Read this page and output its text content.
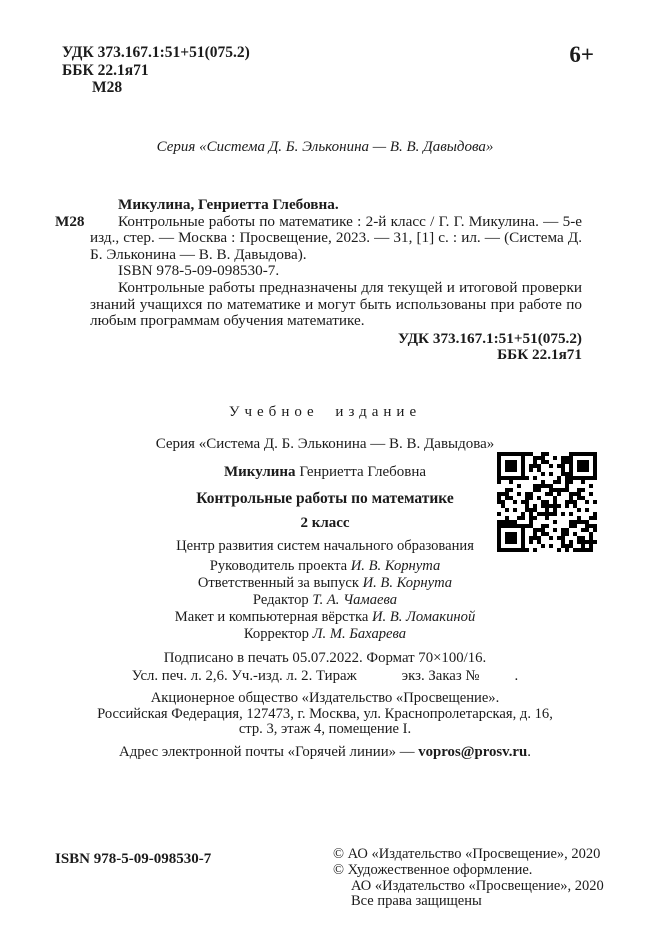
УДК 373.167.1:51+51(075.2)
ББК 22.1я71
М28
6+
Серия «Система Д. Б. Эльконина — В. В. Давыдова»
Микулина, Генриетта Глебовна.
М28	Контрольные работы по математике : 2-й класс / Г. Г. Микулина. — 5-е изд., стер. — Москва : Просвещение, 2023. — 31, [1] с. : ил. — (Система Д. Б. Эльконина — В. В. Давыдова).

ISBN 978-5-09-098530-7.

Контрольные работы предназначены для текущей и итоговой проверки знаний учащихся по математике и могут быть использованы при работе по любым программам обучения математике.

УДК 373.167.1:51+51(075.2)
ББК 22.1я71
Учебное издание
Серия «Система Д. Б. Эльконина — В. В. Давыдова»
Микулина Генриетта Глебовна
Контрольные работы по математике
2 класс
Центр развития систем начального образования
Руководитель проекта И. В. Корнута
Ответственный за выпуск И. В. Корнута
Редактор Т. А. Чамаева
Макет и компьютерная вёрстка И. В. Ломакиной
Корректор Л. М. Бахарева
Подписано в печать 05.07.2022. Формат 70×100/16.
Усл. печ. л. 2,6. Уч.-изд. л. 2. Тираж	экз. Заказ № .
Акционерное общество «Издательство «Просвещение».
Российская Федерация, 127473, г. Москва, ул. Краснопролетарская, д. 16,
стр. 3, этаж 4, помещение I.
Адрес электронной почты «Горячей линии» — vopros@prosv.ru.
ISBN 978-5-09-098530-7	© АО «Издательство «Просвещение», 2020
© Художественное оформление.
АО «Издательство «Просвещение», 2020
Все права защищены
